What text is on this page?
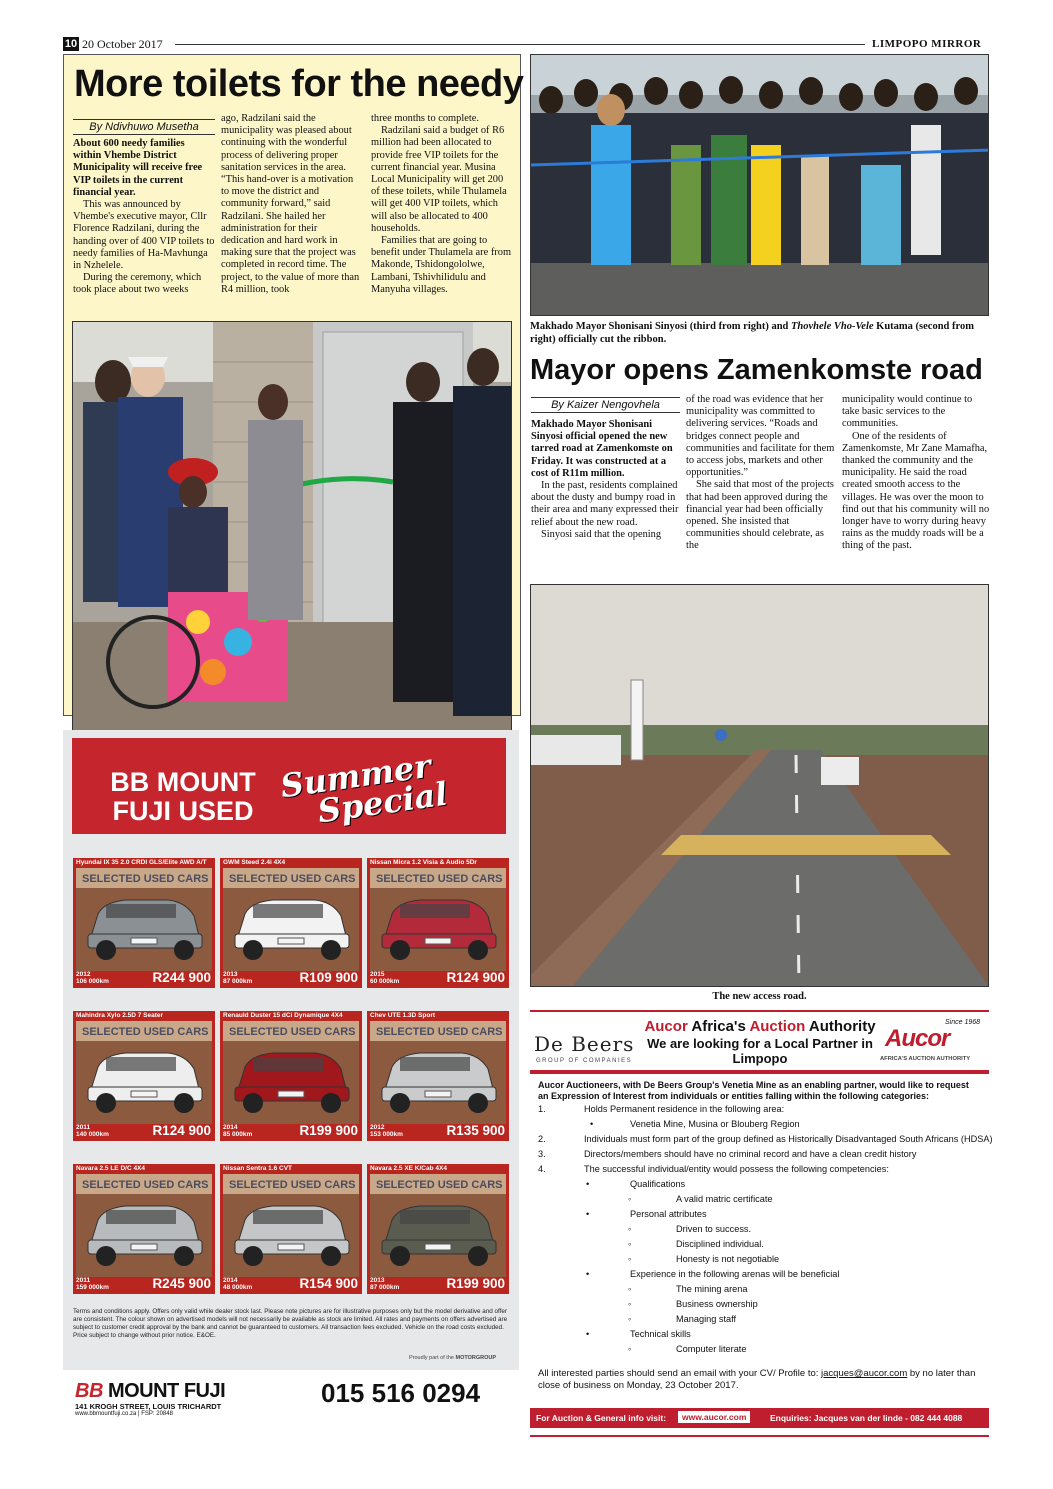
10 20 October 2017	LIMPOPO MIRROR
More toilets for the needy
By Ndivhuwo Musetha

About 600 needy families within Vhembe District Municipality will receive free VIP toilets in the current financial year.

This was announced by Vhembe's executive mayor, Cllr Florence Radzilani, during the handing over of 400 VIP toilets to needy families of Ha-Mavhunga in Nzhelele.

During the ceremony, which took place about two weeks

ago, Radzilani said the municipality was pleased about continuing with the wonderful process of delivering proper sanitation services in the area. “This hand-over is a motivation to move the district and community forward,” said Radzilani. She hailed her administration for their dedication and hard work in making sure that the project was completed in record time. The project, to the value of more than R4 million, took

three months to complete.

Radzilani said a budget of R6 million had been allocated to provide free VIP toilets for the current financial year. Musina Local Municipality will get 200 of these toilets, while Thulamela will get 400 VIP toilets, which will also be allocated to 400 households.

Families that are going to benefit under Thulamela are from Makonde, Tshidongololwe, Lambani, Tshivhilidulu and Manyuha villages.

Makhado Mayor Shonisani Sinyosi (third from right) and Thovhele Vho-Vele Kutama (second from right) officially cut the ribbon.
Mayor opens Zamenkomste road
By Kaizer Nengovhela

Makhado Mayor Shonisani Sinyosi official opened the new tarred road at Zamenkomste on Friday. It was constructed at a cost of R11m million.

In the past, residents complained about the dusty and bumpy road in their area and many expressed their relief about the new road.

Sinyosi said that the opening

of the road was evidence that her municipality was committed to delivering services. “Roads and bridges connect people and communities and facilitate for them to access jobs, markets and other opportunities.”

She said that most of the projects that had been approved during the financial year had been officially opened. She insisted that communities should celebrate, as the

municipality would continue to take basic services to the communities.

One of the residents of Zamenkomste, Mr Zane Mamafha, thanked the community and the municipality. He said the road created smooth access to the villages. He was over the moon to find out that his community will no longer have to worry during heavy rains as the muddy roads will be a thing of the past.

The new access road.
BB MOUNT FUJI USED
Summer
Special
Terms and conditions apply. Offers only valid while dealer stock last. Please note pictures are for illustrative purposes only but the model derivative and offer are consistent. The colour shown on advertised models will not necessarily be available as stock are limited. All rates and payments on offers advertised are subject to customer credit approval by the bank and cannot be guaranteed to customers. All transaction fees excluded. Vehicle on the road costs excluded. Price subject to change without prior notice. E&OE.
Proudly part of the MOTORGROUP
BB MOUNT FUJI
141 KROGH STREET, LOUIS TRICHARDT
www.bbmountfuji.co.za | FSP: 20848
015 516 0294
Hyundai IX 35 2.0 CRDI GLS/Elite AWD A/T
SELECTED USED CARS
2012
106 000km	R244 900
GWM Steed 2.4i 4X4
SELECTED USED CARS
2013
87 000km	R109 900
Nissan Micra 1.2 Visia & Audio 5Dr
SELECTED USED CARS
2015
60 000km	R124 900
Mahindra Xylo 2.5D 7 Seater
SELECTED USED CARS
2011
140 000km	R124 900
Renauld Duster 15 dCi Dynamique 4X4
SELECTED USED CARS
2014
85 000km	R199 900
Chev UTE 1.3D Sport
SELECTED USED CARS
2012
153 000km	R135 900
Navara 2.5 LE D/C 4X4
SELECTED USED CARS
2011
159 000km	R245 900
Nissan Sentra 1.6 CVT
SELECTED USED CARS
2014
48 000km	R154 900
Navara 2.5 XE K/Cab 4X4
SELECTED USED CARS
2013
87 000km	R199 900
De Beers
GROUP OF COMPANIES
Aucor Africa's Auction Authority
We are looking for a Local Partner in Limpopo
Since 1968
Aucor
AFRICA'S AUCTION AUTHORITY
Aucor Auctioneers, with De Beers Group's Venetia Mine as an enabling partner, would like to request an Expression of Interest from individuals or entities falling within the following categories:
All interested parties should send an email with your CV/ Profile to: jacques@aucor.com by no later than close of business on Monday, 23 October 2017.
For Auction & General info visit:	www.aucor.com	Enquiries: Jacques van der linde - 082 444 4088
1.	Holds Permanent residence in the following area:
•	Venetia Mine, Musina or Blouberg Region
2.	Individuals must form part of the group defined as Historically Disadvantaged South Africans (HDSA)
3.	Directors/members should have no criminal record and have a clean credit history
4.	The successful individual/entity would possess the following competencies:
•	Qualifications
◦	A valid matric certificate
•	Personal attributes
◦	Driven to success.
◦	Disciplined individual.
◦	Honesty is not negotiable
•	Experience in the following arenas will be beneficial
◦	The mining arena
◦	Business ownership
◦	Managing staff
•	Technical skills
◦	Computer literate
